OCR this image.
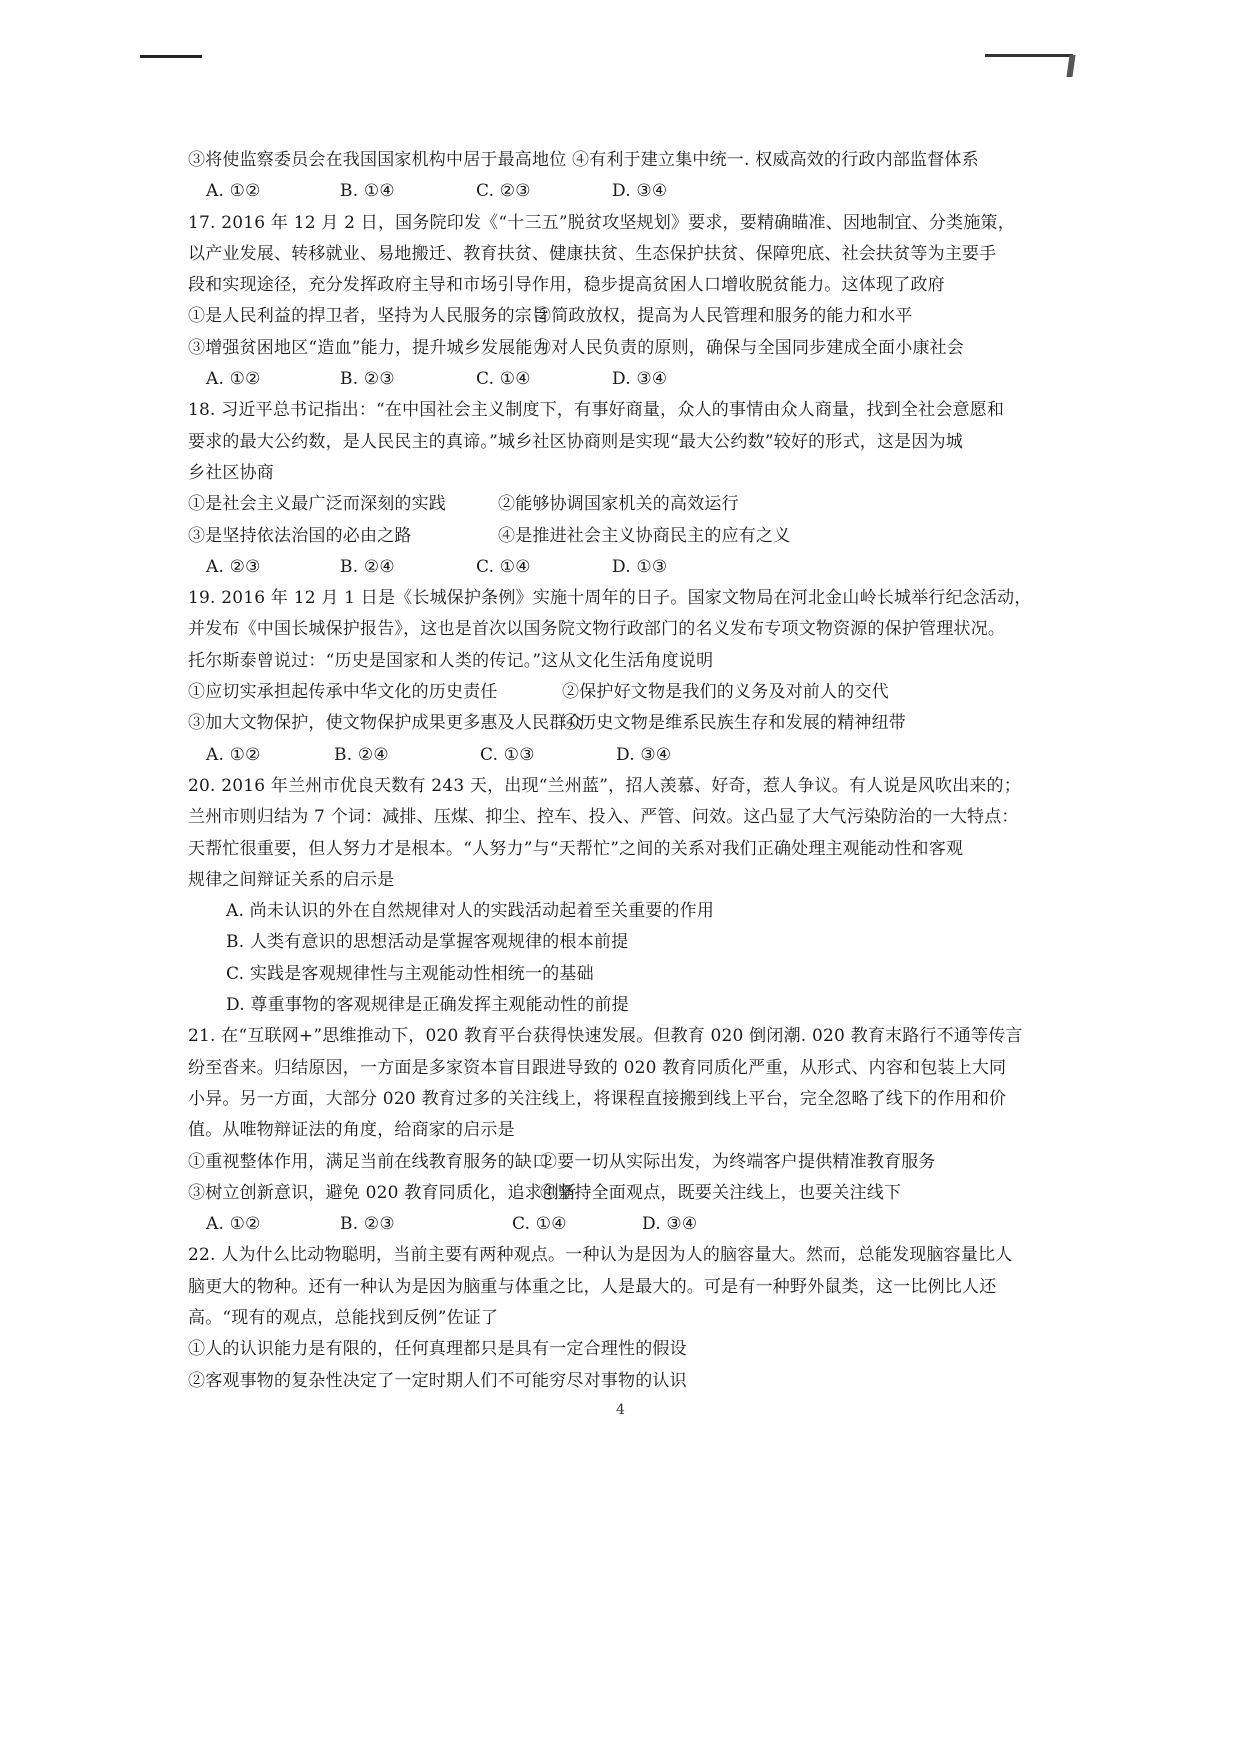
③将使监察委员会在我国国家机构中居于最高地位 ④有利于建立集中统一. 权威高效的行政内部监督体系
A. ①②	B. ①④	C. ②③	D. ③④
17. 2016 年 12 月 2 日，国务院印发《“十三五”脱贫攻坚规划》要求，要精确瞄准、因地制宜、分类施策，
以产业发展、转移就业、易地搬迁、教育扶贫、健康扶贫、生态保护扶贫、保障兜底、社会扶贫等为主要手
段和实现途径，充分发挥政府主导和市场引导作用，稳步提高贫困人口增收脱贫能力。这体现了政府
①是人民利益的捍卫者，坚持为人民服务的宗旨
②简政放权，提高为人民管理和服务的能力和水平
③增强贫困地区“造血”能力，提升城乡发展能力
④对人民负责的原则，确保与全国同步建成全面小康社会
A. ①②	B. ②③	C. ①④	D. ③④
18. 习近平总书记指出：“在中国社会主义制度下，有事好商量，众人的事情由众人商量，找到全社会意愿和
要求的最大公约数，是人民民主的真谛。”城乡社区协商则是实现“最大公约数”较好的形式，这是因为城
乡社区协商
①是社会主义最广泛而深刻的实践	②能够协调国家机关的高效运行
③是坚持依法治国的必由之路	④是推进社会主义协商民主的应有之义
A. ②③	B. ②④	C. ①④	D. ①③
19. 2016 年 12 月 1 日是《长城保护条例》实施十周年的日子。国家文物局在河北金山岭长城举行纪念活动，
并发布《中国长城保护报告》，这也是首次以国务院文物行政部门的名义发布专项文物资源的保护管理状况。
托尔斯泰曾说过：“历史是国家和人类的传记。”这从文化生活角度说明
①应切实承担起传承中华文化的历史责任	②保护好文物是我们的义务及对前人的交代
③加大文物保护，使文物保护成果更多惠及人民群众
④历史文物是维系民族生存和发展的精神纽带
A. ①②	B. ②④	C. ①③	D. ③④
20. 2016 年兰州市优良天数有 243 天，出现“兰州蓝”，招人羡慕、好奇，惹人争议。有人说是风吹出来的；
兰州市则归结为 7 个词：减排、压煤、抑尘、控车、投入、严管、问效。这凸显了大气污染防治的一大特点：
天帮忙很重要，但人努力才是根本。“人努力”与“天帮忙”之间的关系对我们正确处理主观能动性和客观
规律之间辩证关系的启示是
A. 尚未认识的外在自然规律对人的实践活动起着至关重要的作用
B. 人类有意识的思想活动是掌握客观规律的根本前提
C. 实践是客观规律性与主观能动性相统一的基础
D. 尊重事物的客观规律是正确发挥主观能动性的前提
21. 在“互联网+”思维推动下，020 教育平台获得快速发展。但教育 020 倒闭潮. 020 教育末路行不通等传言
纷至沓来。归结原因，一方面是多家资本盲目跟进导致的 020 教育同质化严重，从形式、内容和包装上大同
小异。另一方面，大部分 020 教育过多的关注线上，将课程直接搬到线上平台，完全忽略了线下的作用和价
值。从唯物辩证法的角度，给商家的启示是
①重视整体作用，满足当前在线教育服务的缺口
②要一切从实际出发，为终端客户提供精准教育服务
③树立创新意识，避免 020 教育同质化，追求创新
④坚持全面观点，既要关注线上，也要关注线下
A. ①②	B. ②③	C. ①④	D. ③④
22. 人为什么比动物聪明，当前主要有两种观点。一种认为是因为人的脑容量大。然而，总能发现脑容量比人
脑更大的物种。还有一种认为是因为脑重与体重之比，人是最大的。可是有一种野外鼠类，这一比例比人还
高。“现有的观点，总能找到反例”佐证了
①人的认识能力是有限的，任何真理都只是具有一定合理性的假设
②客观事物的复杂性决定了一定时期人们不可能穷尽对事物的认识
4
